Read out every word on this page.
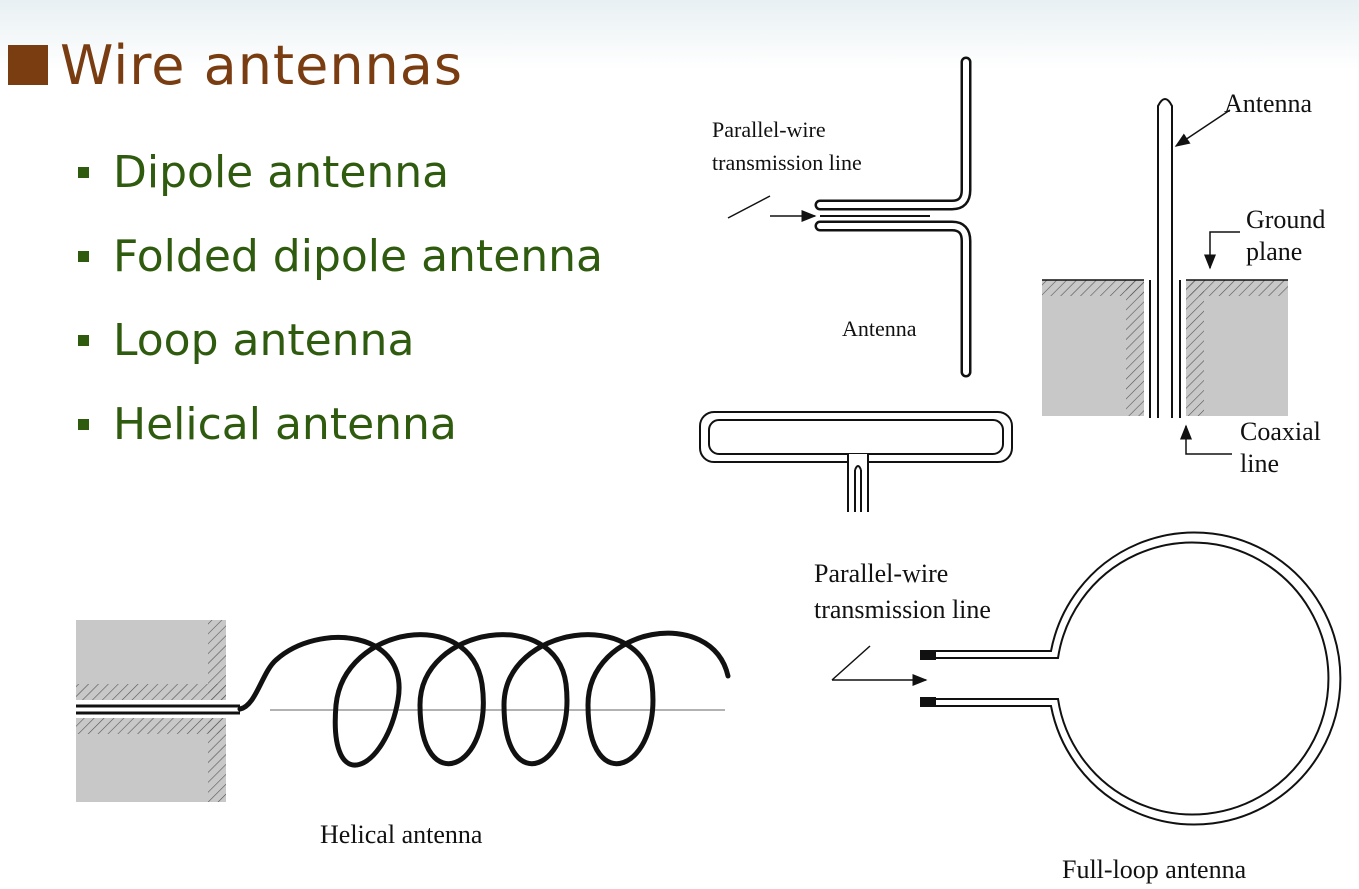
Wire antennas
Dipole antenna
Folded dipole antenna
Loop antenna
Helical antenna
Parallel-wire
transmission line
Antenna
Antenna
Ground
plane
Coaxial
line
Helical antenna
Parallel-wire
transmission line
Full-loop antenna
